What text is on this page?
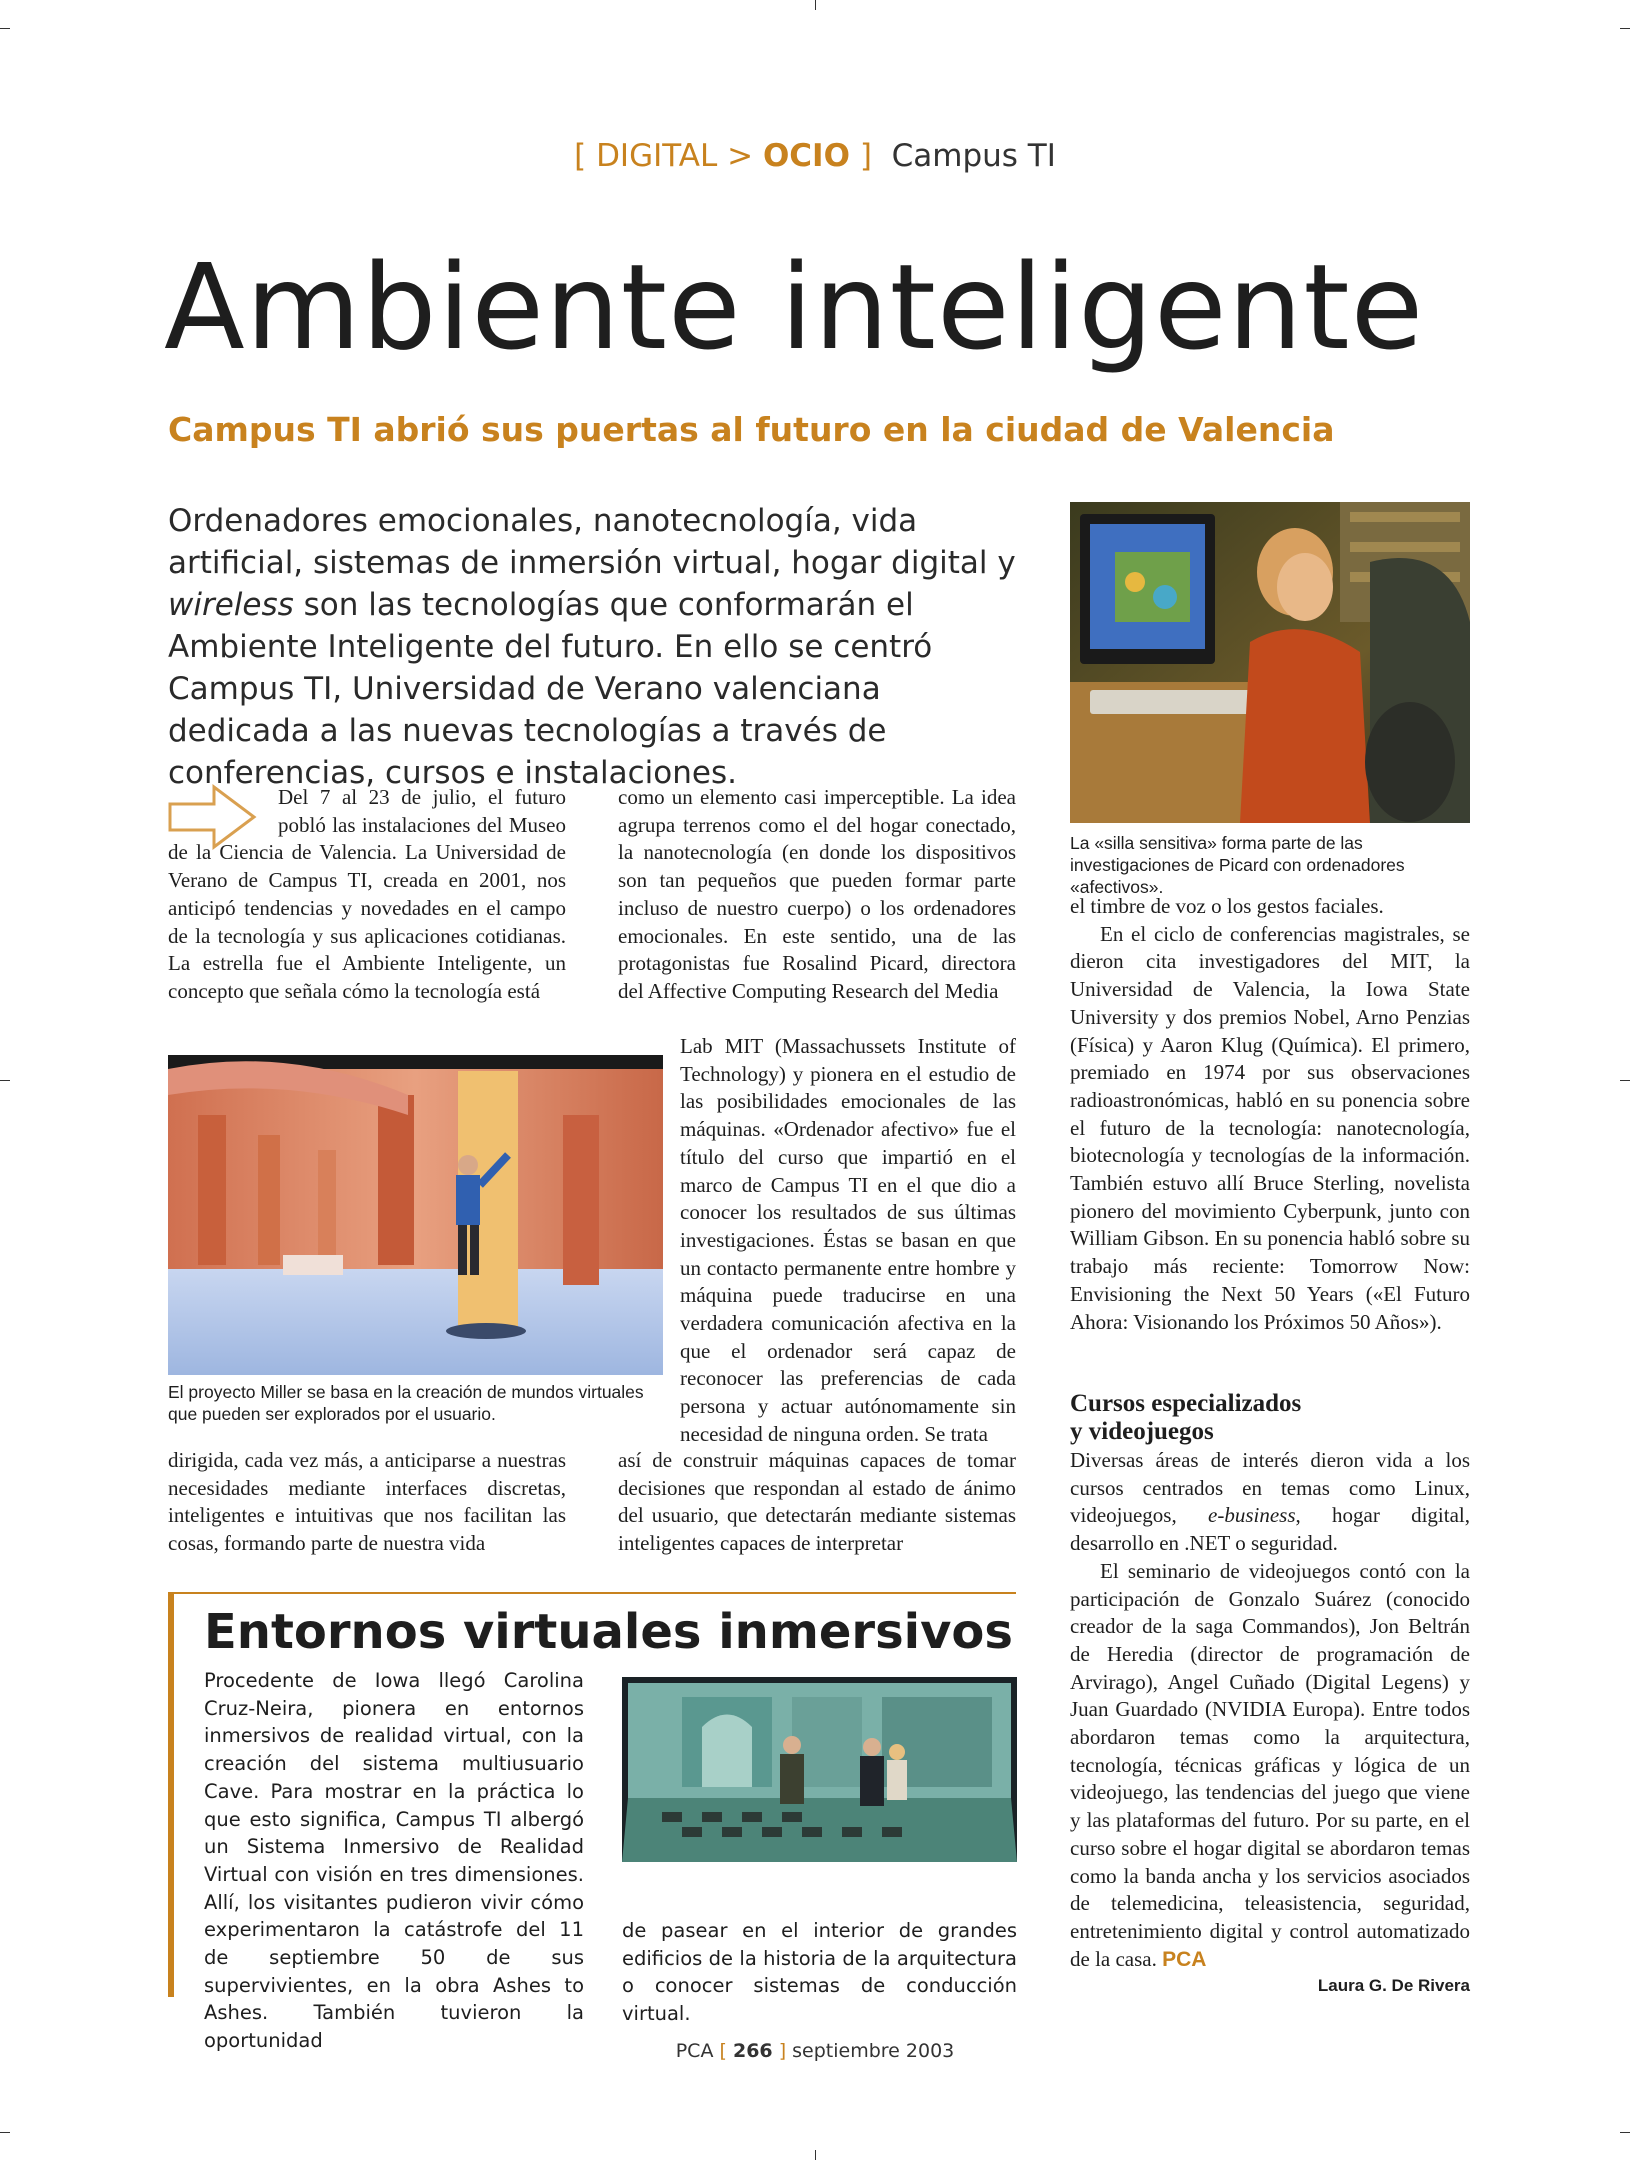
[ DIGITAL > OCIO ] Campus TI
Ambiente inteligente
Campus TI abrió sus puertas al futuro en la ciudad de Valencia

Ordenadores emocionales, nanotecnología, vida artificial, sistemas de inmersión virtual, hogar digital y wireless son las tecnologías que conformarán el Ambiente Inteligente del futuro. En ello se centró Campus TI, Universidad de Verano valenciana dedicada a las nuevas tecnologías a través de conferencias, cursos e instalaciones.

Del 7 al 23 de julio, el futuro pobló las instalaciones del Museo de la Ciencia de Valencia. La Universidad de Verano de Campus TI, creada en 2001, nos anticipó tendencias y novedades en el campo de la tecnología y sus aplicaciones cotidianas. La estrella fue el Ambiente Inteligente, un concepto que señala cómo la tecnología está

como un elemento casi imperceptible. La idea agrupa terrenos como el del hogar conectado, la nanotecnología (en donde los dispositivos son tan pequeños que pueden formar parte incluso de nuestro cuerpo) o los ordenadores emocionales. En este sentido, una de las protagonistas fue Rosalind Picard, directora del Affective Computing Research del Media

Lab MIT (Massachussets Institute of Technology) y pionera en el estudio de las posibilidades emocionales de las máquinas. «Ordenador afectivo» fue el título del curso que impartió en el marco de Campus TI en el que dio a conocer los resultados de sus últimas investigaciones. Éstas se basan en que un contacto permanente entre hombre y máquina puede traducirse en una verdadera comunicación afectiva en la que el ordenador será capaz de reconocer las preferencias de cada persona y actuar autónomamente sin necesidad de ninguna orden. Se trata

La «silla sensitiva» forma parte de las investigaciones de Picard con ordenadores «afectivos».

el timbre de voz o los gestos faciales.

En el ciclo de conferencias magistrales, se dieron cita investigadores del MIT, la Universidad de Valencia, la Iowa State University y dos premios Nobel, Arno Penzias (Física) y Aaron Klug (Química). El primero, premiado en 1974 por sus observaciones radioastronómicas, habló en su ponencia sobre el futuro de la tecnología: nanotecnología, biotecnología y tecnologías de la información. También estuvo allí Bruce Sterling, novelista pionero del movimiento Cyberpunk, junto con William Gibson. En su ponencia habló sobre su trabajo más reciente: Tomorrow Now: Envisioning the Next 50 Years («El Futuro Ahora: Visionando los Próximos 50 Años»).

Cursos especializados
y videojuegos

Diversas áreas de interés dieron vida a los cursos centrados en temas como Linux, videojuegos, e-business, hogar digital, desarrollo en .NET o seguridad.

El seminario de videojuegos contó con la participación de Gonzalo Suárez (conocido creador de la saga Commandos), Jon Beltrán de Heredia (director de programación de Arvirago), Angel Cuñado (Digital Legens) y Juan Guardado (NVIDIA Europa). Entre todos abordaron temas como la arquitectura, tecnología, técnicas gráficas y lógica de un videojuego, las tendencias del juego que viene y las plataformas del futuro. Por su parte, en el curso sobre el hogar digital se abordaron temas como la banda ancha y los servicios asociados de telemedicina, teleasistencia, seguridad, entretenimiento digital y control automatizado de la casa. PCA

Laura G. De Rivera
El proyecto Miller se basa en la creación de mundos virtuales que pueden ser explorados por el usuario.

dirigida, cada vez más, a anticiparse a nuestras necesidades mediante interfaces discretas, inteligentes e intuitivas que nos facilitan las cosas, formando parte de nuestra vida

así de construir máquinas capaces de tomar decisiones que respondan al estado de ánimo del usuario, que detectarán mediante sistemas inteligentes capaces de interpretar

Entornos virtuales inmersivos

Procedente de Iowa llegó Carolina Cruz-Neira, pionera en entornos inmersivos de realidad virtual, con la creación del sistema multiusuario Cave. Para mostrar en la práctica lo que esto significa, Campus TI albergó un Sistema Inmersivo de Realidad Virtual con visión en tres dimensiones. Allí, los visitantes pudieron vivir cómo experimentaron la catástrofe del 11 de septiembre 50 de sus supervivientes, en la obra Ashes to Ashes. También tuvieron la oportunidad

de pasear en el interior de grandes edificios de la historia de la arquitectura o conocer sistemas de conducción virtual.

PCA [ 266 ] septiembre 2003
